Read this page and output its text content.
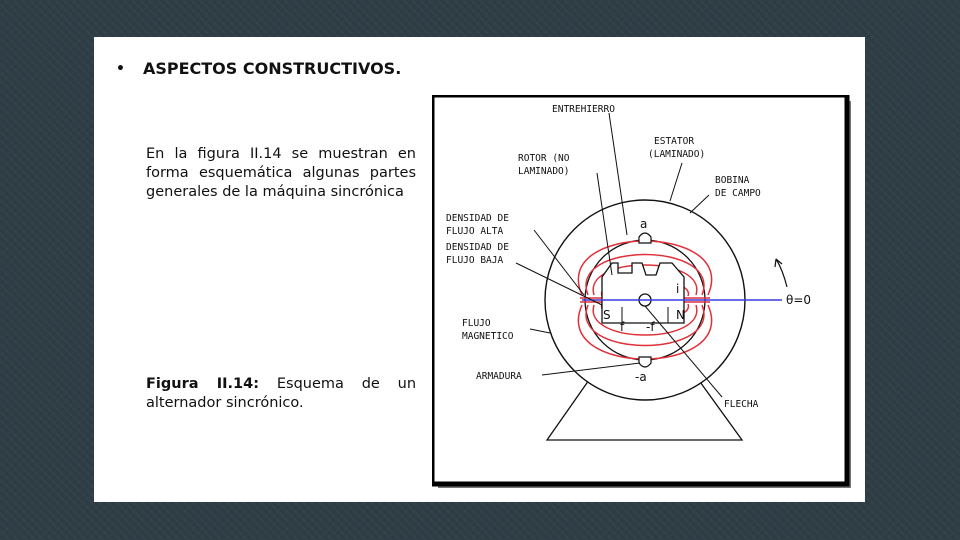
• ASPECTOS CONSTRUCTIVOS.
En la figura II.14 se muestran en forma esquemática algunas partes generales de la máquina sincrónica
Figura II.14: Esquema de un alternador sincrónico.
ENTREHIERRO
ESTATOR
(LAMINADO)
ROTOR (NO
LAMINADO)
BOBINA
DE CAMPO
DENSIDAD DE
FLUJO ALTA
DENSIDAD DE
FLUJO BAJA
FLUJO
MAGNETICO
ARMADURA
FLECHA
θ=0
a
-a
i
S	N
f -f
